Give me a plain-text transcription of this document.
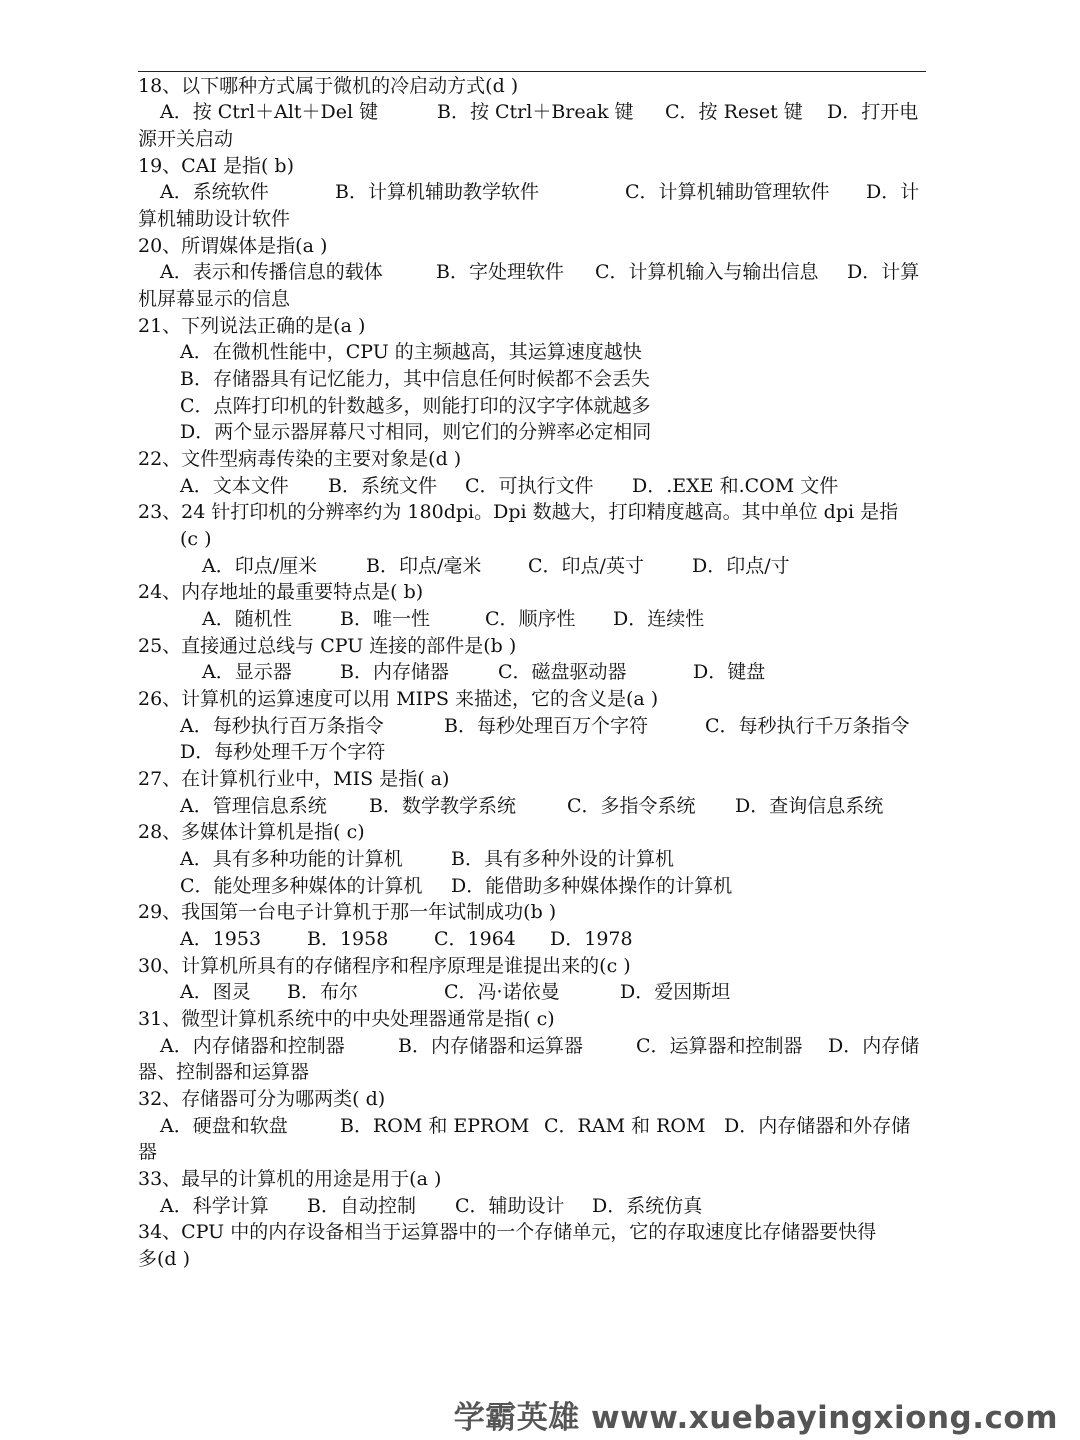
18、以下哪种方式属于微机的冷启动方式(d )
A．按 Ctrl＋Alt＋Del 键	B．按 Ctrl＋Break 键 C．按 Reset 键 D．打开电
源开关启动
19、CAI 是指( b)
A．系统软件	B．计算机辅助教学软件	C．计算机辅助管理软件 D．计
算机辅助设计软件
20、所谓媒体是指(a )
A．表示和传播信息的载体	B．字处理软件 C．计算机输入与输出信息 D．计算
机屏幕显示的信息
21、下列说法正确的是(a )
A．在微机性能中，CPU 的主频越高，其运算速度越快
B．存储器具有记忆能力，其中信息任何时候都不会丢失
C．点阵打印机的针数越多，则能打印的汉字字体就越多
D．两个显示器屏幕尺寸相同，则它们的分辨率必定相同
22、文件型病毒传染的主要对象是(d )
A．文本文件 B．系统文件 C．可执行文件 D．.EXE 和.COM 文件
23、24 针打印机的分辨率约为 180dpi。Dpi 数越大，打印精度越高。其中单位 dpi 是指
(c )
A．印点/厘米	B．印点/毫米 C．印点/英寸	D．印点/寸
24、内存地址的最重要特点是( b)
A．随机性	B．唯一性	C．顺序性 D．连续性
25、直接通过总线与 CPU 连接的部件是(b )
A．显示器	B．内存储器	C．磁盘驱动器	D．键盘
26、计算机的运算速度可以用 MIPS 来描述，它的含义是(a )
A．每秒执行百万条指令	B．每秒处理百万个字符	C．每秒执行千万条指令
D．每秒处理千万个字符
27、在计算机行业中，MIS 是指( a)
A．管理信息系统 B．数学教学系统	C．多指令系统 D．查询信息系统
28、多媒体计算机是指( c)
A．具有多种功能的计算机	B．具有多种外设的计算机
C．能处理多种媒体的计算机 D．能借助多种媒体操作的计算机
29、我国第一台电子计算机于那一年试制成功(b )
A．1953 B．1958 C．1964 D．1978
30、计算机所具有的存储程序和程序原理是谁提出来的(c )
A．图灵 B．布尔	C．冯·诺依曼	D．爱因斯坦
31、微型计算机系统中的中央处理器通常是指( c)
A．内存储器和控制器	B．内存储器和运算器	C．运算器和控制器 D．内存储
器、控制器和运算器
32、存储器可分为哪两类( d)
A．硬盘和软盘	B．ROM 和 EPROM C．RAM 和 ROM D．内存储器和外存储
器
33、最早的计算机的用途是用于(a )
A．科学计算 B．自动控制 C．辅助设计 D．系统仿真
34、CPU 中的内存设备相当于运算器中的一个存储单元，它的存取速度比存储器要快得
多(d )
学霸英雄 www.xuebayingxiong.com
